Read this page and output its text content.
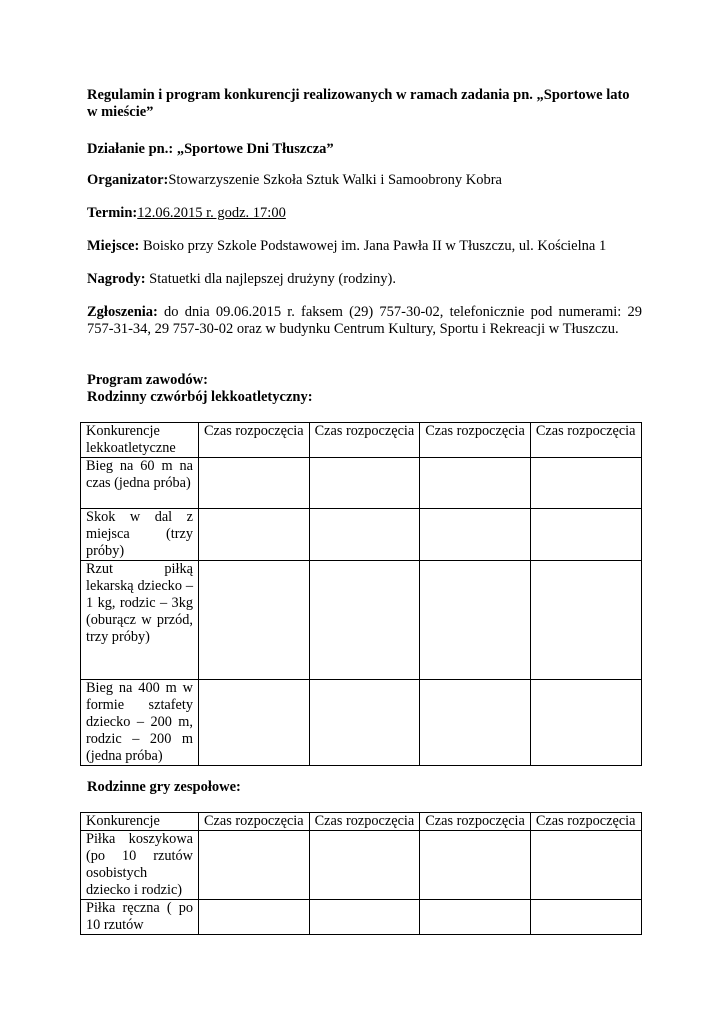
Regulamin i program konkurencji realizowanych w ramach zadania pn. „Sportowe lato w mieście”
Działanie pn.: „Sportowe Dni Tłuszcza”
Organizator:Stowarzyszenie Szkoła Sztuk Walki i Samoobrony Kobra
Termin:12.06.2015 r. godz. 17:00
Miejsce: Boisko przy Szkole Podstawowej im. Jana Pawła II w Tłuszczu, ul. Kościelna 1
Nagrody: Statuetki dla najlepszej drużyny (rodziny).
Zgłoszenia: do dnia 09.06.2015 r. faksem (29) 757-30-02, telefonicznie pod numerami: 29 757-31-34, 29 757-30-02 oraz w budynku Centrum Kultury, Sportu i Rekreacji w Tłuszczu.
Program zawodów:
Rodzinny czwórbój lekkoatletyczny:
Konkurencje lekkoatletyczne	Czas rozpoczęcia	Czas rozpoczęcia	Czas rozpoczęcia	Czas rozpoczęcia
Bieg na 60 m na czas (jedna próba)				
Skok w dal z miejsca (trzy próby)				
Rzut piłką lekarską dziecko – 1 kg, rodzic – 3kg (oburącz w przód, trzy próby)				
Bieg na 400 m w formie sztafety dziecko – 200 m, rodzic – 200 m (jedna próba)				
Rodzinne gry zespołowe:
Konkurencje	Czas rozpoczęcia	Czas rozpoczęcia	Czas rozpoczęcia	Czas rozpoczęcia
Piłka koszykowa (po 10 rzutów osobistych dziecko i rodzic)				
Piłka ręczna ( po 10 rzutów				
